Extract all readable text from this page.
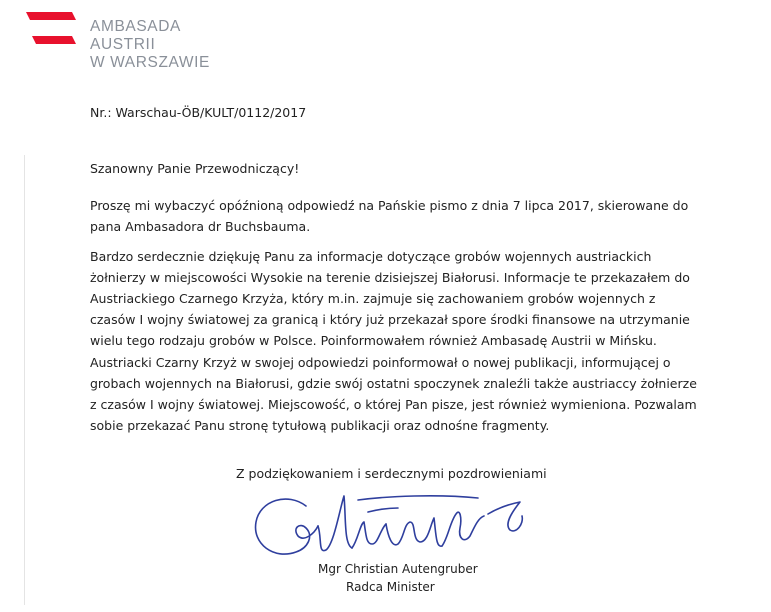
AMBASADA
AUSTRII
W WARSZAWIE
Nr.: Warschau-ÖB/KULT/0112/2017
Szanowny Panie Przewodniczący!
Proszę mi wybaczyć opóźnioną odpowiedź na Pańskie pismo z dnia 7 lipca 2017, skierowane do
pana Ambasadora dr Buchsbauma.
Bardzo serdecznie dziękuję Panu za informacje dotyczące grobów wojennych austriackich
żołnierzy w miejscowości Wysokie na terenie dzisiejszej Białorusi. Informacje te przekazałem do
Austriackiego Czarnego Krzyża, który m.in. zajmuje się zachowaniem grobów wojennych z
czasów I wojny światowej za granicą i który już przekazał spore środki finansowe na utrzymanie
wielu tego rodzaju grobów w Polsce. Poinformowałem również Ambasadę Austrii w Mińsku.
Austriacki Czarny Krzyż w swojej odpowiedzi poinformował o nowej publikacji, informującej o
grobach wojennych na Białorusi, gdzie swój ostatni spoczynek znaleźli także austriaccy żołnierze
z czasów I wojny światowej. Miejscowość, o której Pan pisze, jest również wymieniona. Pozwalam
sobie przekazać Panu stronę tytułową publikacji oraz odnośne fragmenty.
Z podziękowaniem i serdecznymi pozdrowieniami
Mgr Christian Autengruber
Radca Minister
